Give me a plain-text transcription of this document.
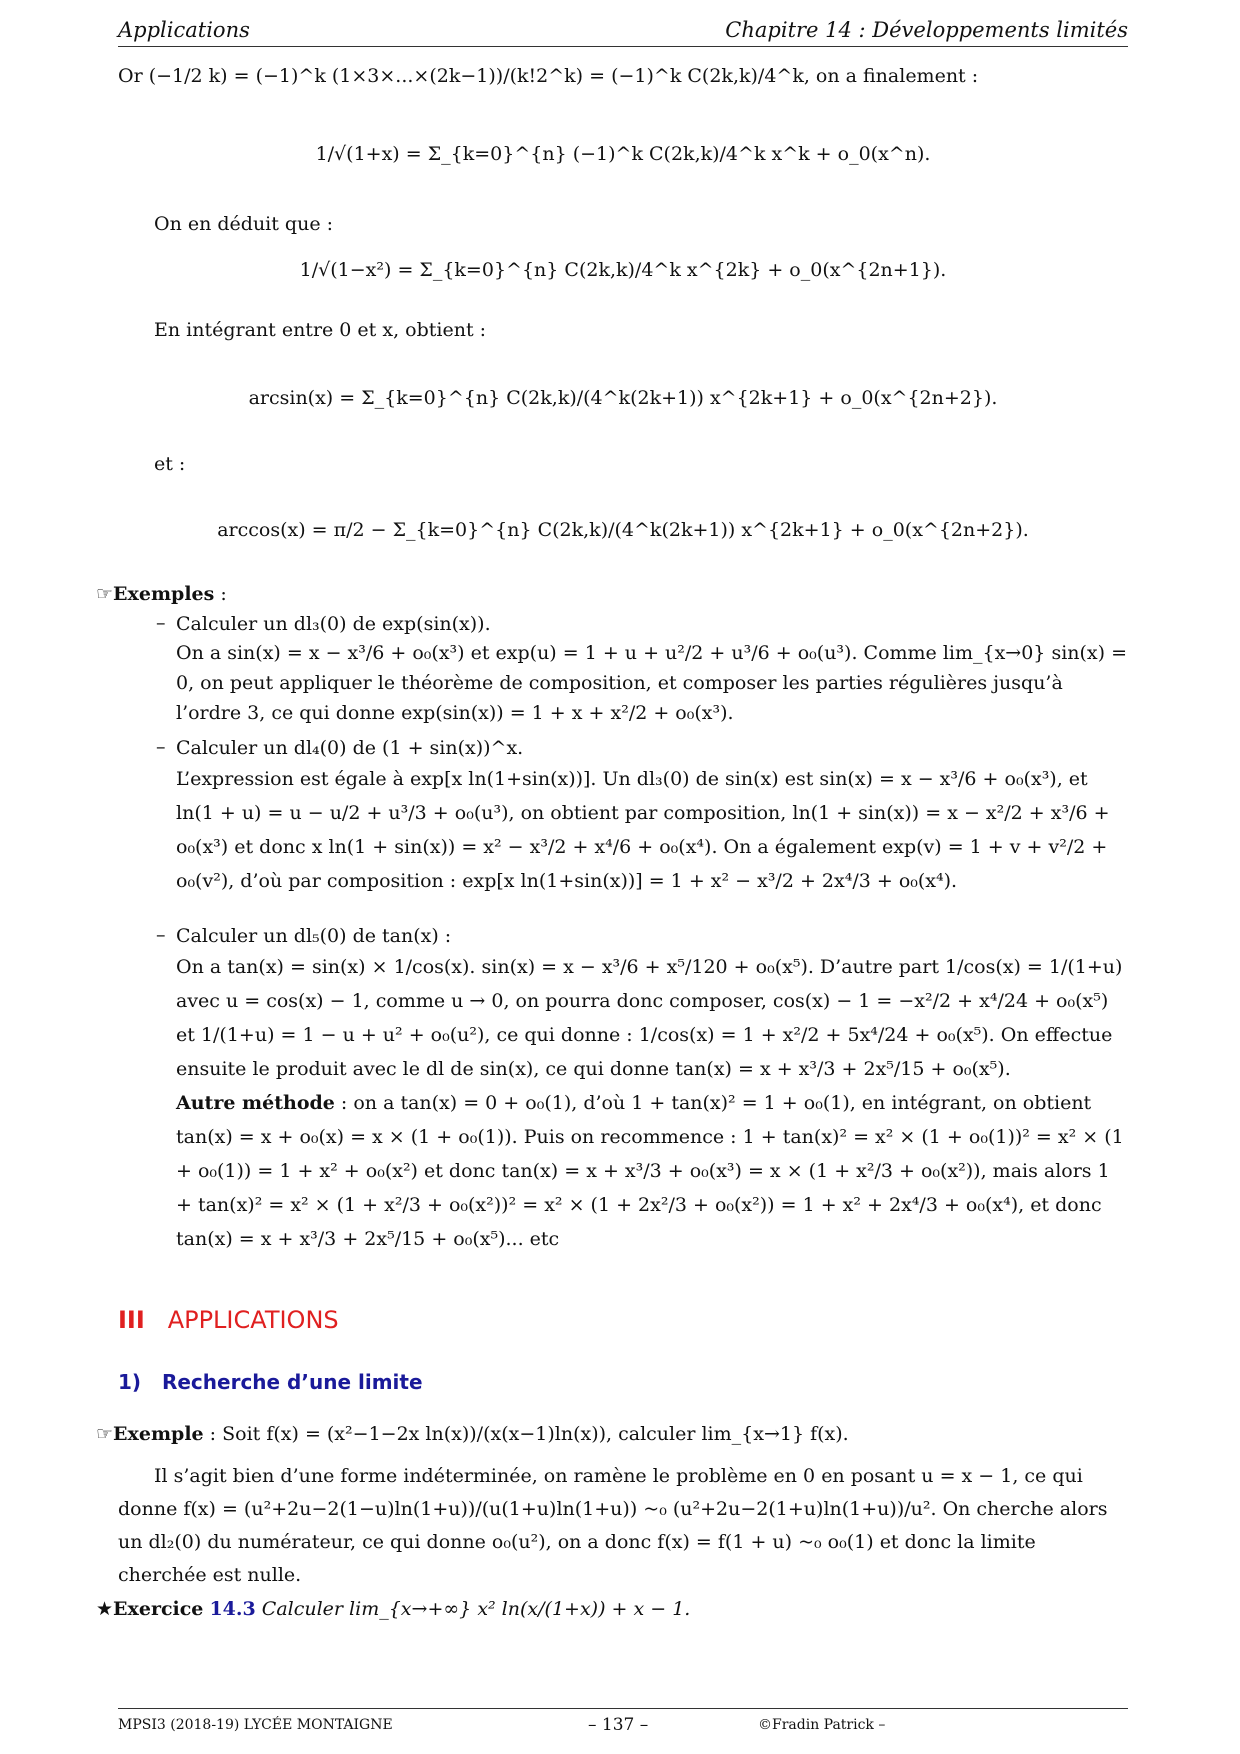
Applications	Chapitre 14 : Développements limités
Or (−1/2 k) = (−1)^k (1×3×...×(2k−1))/(k!2^k) = (−1)^k C(2k,k)/4^k, on a finalement :
1/√(1+x) = Σ_{k=0}^{n} (−1)^k C(2k,k)/4^k x^k + o_0(x^n).
On en déduit que :
1/√(1−x²) = Σ_{k=0}^{n} C(2k,k)/4^k x^{2k} + o_0(x^{2n+1}).
En intégrant entre 0 et x, obtient :
arcsin(x) = Σ_{k=0}^{n} C(2k,k)/(4^k(2k+1)) x^{2k+1} + o_0(x^{2n+2}).
et :
arccos(x) = π/2 − Σ_{k=0}^{n} C(2k,k)/(4^k(2k+1)) x^{2k+1} + o_0(x^{2n+2}).
☞Exemples :
– Calculer un dl₃(0) de exp(sin(x)).
On a sin(x) = x − x³/6 + o₀(x³) et exp(u) = 1 + u + u²/2 + u³/6 + o₀(u³). Comme lim_{x→0} sin(x) = 0, on peut appliquer le théorème de composition, et composer les parties régulières jusqu’à l’ordre 3, ce qui donne exp(sin(x)) = 1 + x + x²/2 + o₀(x³).
– Calculer un dl₄(0) de (1 + sin(x))^x.
L’expression est égale à exp[x ln(1+sin(x))]. Un dl₃(0) de sin(x) est sin(x) = x − x³/6 + o₀(x³), et ln(1 + u) = u − u/2 + u³/3 + o₀(u³), on obtient par composition, ln(1 + sin(x)) = x − x²/2 + x³/6 + o₀(x³) et donc x ln(1 + sin(x)) = x² − x³/2 + x⁴/6 + o₀(x⁴). On a également exp(v) = 1 + v + v²/2 + o₀(v²), d’où par composition : exp[x ln(1+sin(x))] = 1 + x² − x³/2 + 2x⁴/3 + o₀(x⁴).
– Calculer un dl₅(0) de tan(x) :
On a tan(x) = sin(x) × 1/cos(x). sin(x) = x − x³/6 + x⁵/120 + o₀(x⁵). D’autre part 1/cos(x) = 1/(1+u) avec u = cos(x) − 1, comme u → 0, on pourra donc composer, cos(x) − 1 = −x²/2 + x⁴/24 + o₀(x⁵) et 1/(1+u) = 1 − u + u² + o₀(u²), ce qui donne : 1/cos(x) = 1 + x²/2 + 5x⁴/24 + o₀(x⁵). On effectue ensuite le produit avec le dl de sin(x), ce qui donne tan(x) = x + x³/3 + 2x⁵/15 + o₀(x⁵).
Autre méthode : on a tan(x) = 0 + o₀(1), d’où 1 + tan(x)² = 1 + o₀(1), en intégrant, on obtient tan(x) = x + o₀(x) = x × (1 + o₀(1)). Puis on recommence : 1 + tan(x)² = x² × (1 + o₀(1))² = x² × (1 + o₀(1)) = 1 + x² + o₀(x²) et donc tan(x) = x + x³/3 + o₀(x³) = x × (1 + x²/3 + o₀(x²)), mais alors 1 + tan(x)² = x² × (1 + x²/3 + o₀(x²))² = x² × (1 + 2x²/3 + o₀(x²)) = 1 + x² + 2x⁴/3 + o₀(x⁴), et donc tan(x) = x + x³/3 + 2x⁵/15 + o₀(x⁵)... etc
III APPLICATIONS
1) Recherche d’une limite
☞Exemple : Soit f(x) = (x²−1−2x ln(x))/(x(x−1)ln(x)), calculer lim_{x→1} f(x).
Il s’agit bien d’une forme indéterminée, on ramène le problème en 0 en posant u = x − 1, ce qui donne f(x) = (u²+2u−2(1−u)ln(1+u))/(u(1+u)ln(1+u)) ~₀ (u²+2u−2(1+u)ln(1+u))/u². On cherche alors un dl₂(0) du numérateur, ce qui donne o₀(u²), on a donc f(x) = f(1 + u) ~₀ o₀(1) et donc la limite cherchée est nulle.
★Exercice 14.3 Calculer lim_{x→+∞} x² ln(x/(1+x)) + x − 1.
MPSI3 (2018-19) LYCÉE MONTAIGNE	– 137 –	©Fradin Patrick –
